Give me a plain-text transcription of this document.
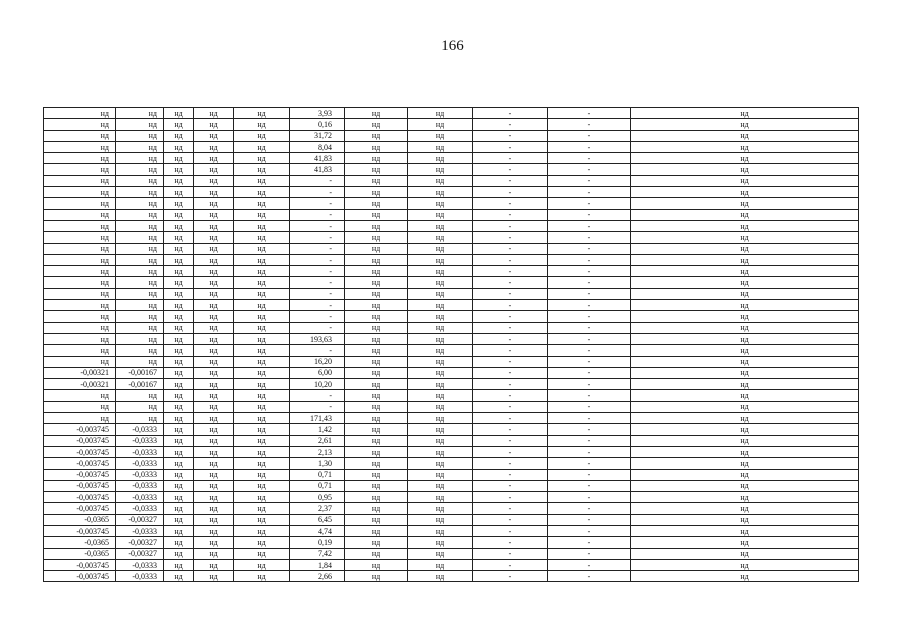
166
нд	нд	нд	нд	нд	3,93	нд	нд	-	-	нд
нд	нд	нд	нд	нд	0,16	нд	нд	-	-	нд
нд	нд	нд	нд	нд	31,72	нд	нд	-	-	нд
нд	нд	нд	нд	нд	8,04	нд	нд	-	-	нд
нд	нд	нд	нд	нд	41,83	нд	нд	-	-	нд
нд	нд	нд	нд	нд	41,83	нд	нд	-	-	нд
нд	нд	нд	нд	нд	-	нд	нд	-	-	нд
нд	нд	нд	нд	нд	-	нд	нд	-	-	нд
нд	нд	нд	нд	нд	-	нд	нд	-	-	нд
нд	нд	нд	нд	нд	-	нд	нд	-	-	нд
нд	нд	нд	нд	нд	-	нд	нд	-	-	нд
нд	нд	нд	нд	нд	-	нд	нд	-	-	нд
нд	нд	нд	нд	нд	-	нд	нд	-	-	нд
нд	нд	нд	нд	нд	-	нд	нд	-	-	нд
нд	нд	нд	нд	нд	-	нд	нд	-	-	нд
нд	нд	нд	нд	нд	-	нд	нд	-	-	нд
нд	нд	нд	нд	нд	-	нд	нд	-	-	нд
нд	нд	нд	нд	нд	-	нд	нд	-	-	нд
нд	нд	нд	нд	нд	-	нд	нд	-	-	нд
нд	нд	нд	нд	нд	-	нд	нд	-	-	нд
нд	нд	нд	нд	нд	193,63	нд	нд	-	-	нд
нд	нд	нд	нд	нд	-	нд	нд	-	-	нд
нд	нд	нд	нд	нд	16,20	нд	нд	-	-	нд
-0,00321	-0,00167	нд	нд	нд	6,00	нд	нд	-	-	нд
-0,00321	-0,00167	нд	нд	нд	10,20	нд	нд	-	-	нд
нд	нд	нд	нд	нд	-	нд	нд	-	-	нд
нд	нд	нд	нд	нд	-	нд	нд	-	-	нд
нд	нд	нд	нд	нд	171,43	нд	нд	-	-	нд
-0,003745	-0,0333	нд	нд	нд	1,42	нд	нд	-	-	нд
-0,003745	-0,0333	нд	нд	нд	2,61	нд	нд	-	-	нд
-0,003745	-0,0333	нд	нд	нд	2,13	нд	нд	-	-	нд
-0,003745	-0,0333	нд	нд	нд	1,30	нд	нд	-	-	нд
-0,003745	-0,0333	нд	нд	нд	0,71	нд	нд	-	-	нд
-0,003745	-0,0333	нд	нд	нд	0,71	нд	нд	-	-	нд
-0,003745	-0,0333	нд	нд	нд	0,95	нд	нд	-	-	нд
-0,003745	-0,0333	нд	нд	нд	2,37	нд	нд	-	-	нд
-0,0365	-0,00327	нд	нд	нд	6,45	нд	нд	-	-	нд
-0,003745	-0,0333	нд	нд	нд	4,74	нд	нд	-	-	нд
-0,0365	-0,00327	нд	нд	нд	0,19	нд	нд	-	-	нд
-0,0365	-0,00327	нд	нд	нд	7,42	нд	нд	-	-	нд
-0,003745	-0,0333	нд	нд	нд	1,84	нд	нд	-	-	нд
-0,003745	-0,0333	нд	нд	нд	2,66	нд	нд	-	-	нд
